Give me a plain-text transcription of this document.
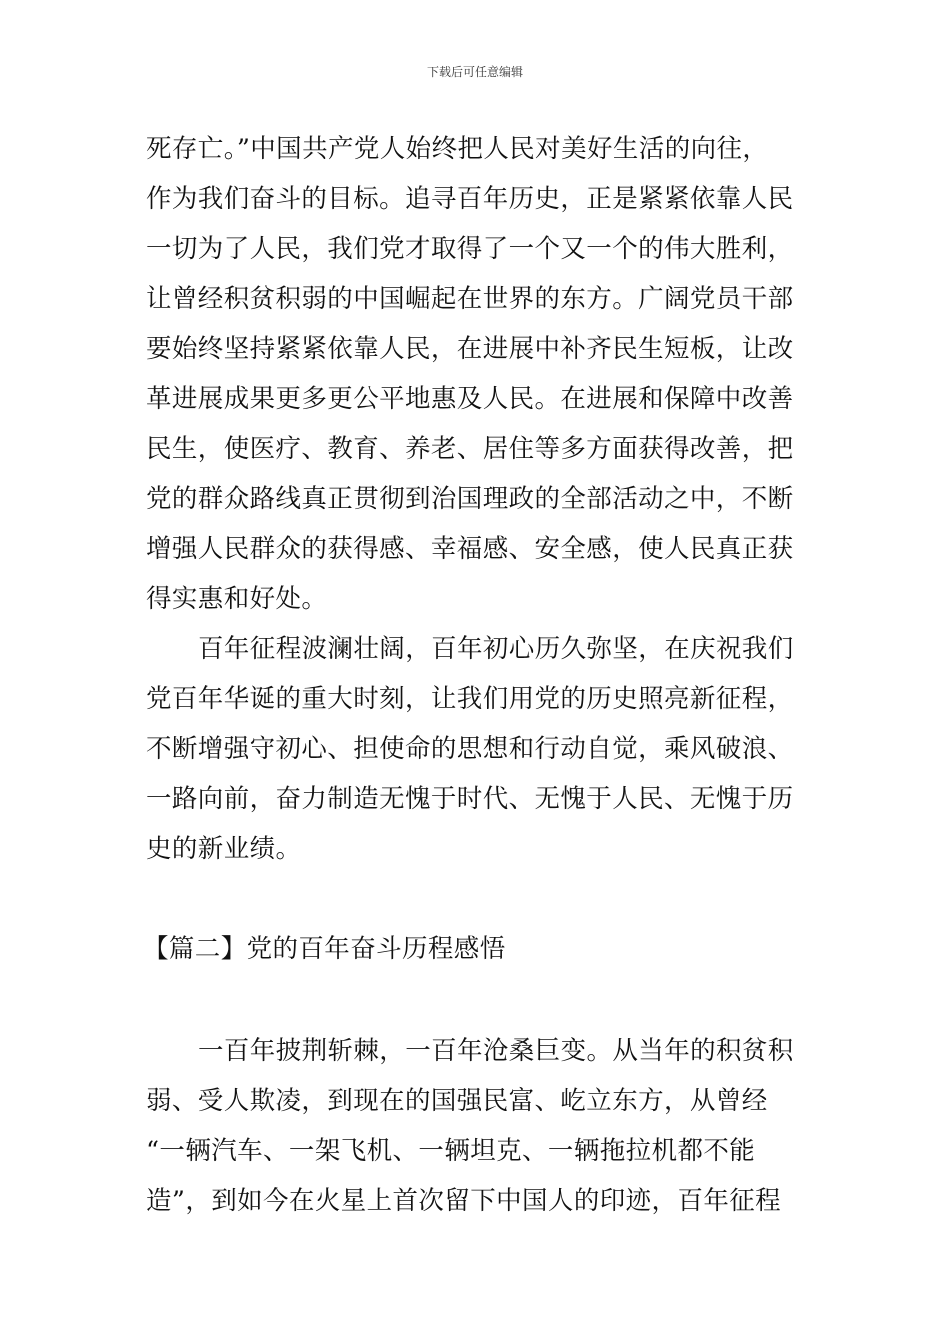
下载后可任意编辑
死存亡。”中国共产党人始终把人民对美好生活的向往，
作为我们奋斗的目标。追寻百年历史，正是紧紧依靠人民
一切为了人民，我们党才取得了一个又一个的伟大胜利，
让曾经积贫积弱的中国崛起在世界的东方。广阔党员干部
要始终坚持紧紧依靠人民，在进展中补齐民生短板，让改
革进展成果更多更公平地惠及人民。在进展和保障中改善
民生，使医疗、教育、养老、居住等多方面获得改善，把
党的群众路线真正贯彻到治国理政的全部活动之中，不断
增强人民群众的获得感、幸福感、安全感，使人民真正获
得实惠和好处。
百年征程波澜壮阔，百年初心历久弥坚，在庆祝我们
党百年华诞的重大时刻，让我们用党的历史照亮新征程，
不断增强守初心、担使命的思想和行动自觉，乘风破浪、
一路向前，奋力制造无愧于时代、无愧于人民、无愧于历
史的新业绩。
【篇二】党的百年奋斗历程感悟
一百年披荆斩棘，一百年沧桑巨变。从当年的积贫积
弱、受人欺凌，到现在的国强民富、屹立东方，从曾经
“一辆汽车、一架飞机、一辆坦克、一辆拖拉机都不能
造”，到如今在火星上首次留下中国人的印迹，百年征程
